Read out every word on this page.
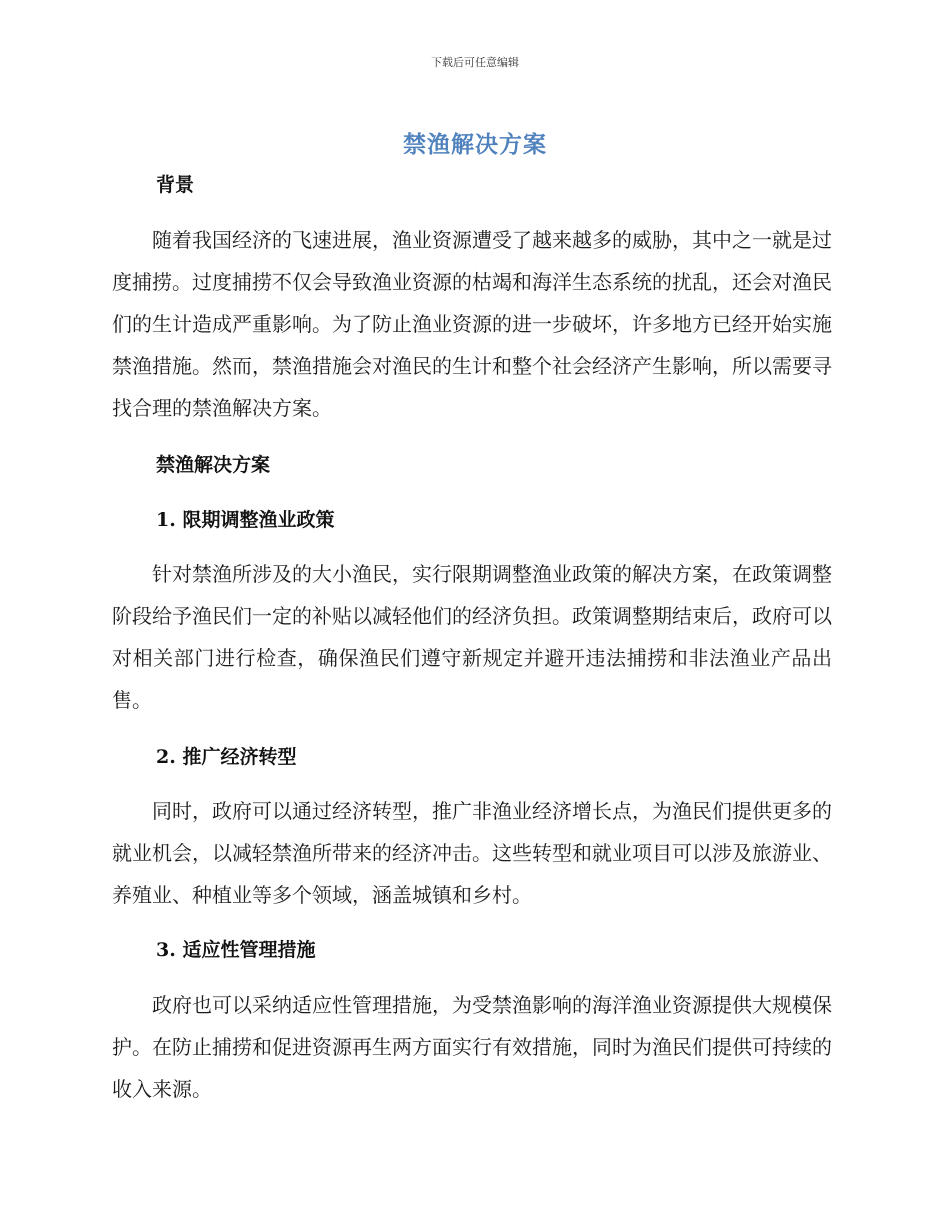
下载后可任意编辑
禁渔解决方案
背景
随着我国经济的飞速进展，渔业资源遭受了越来越多的威胁，其中之一就是过度捕捞。过度捕捞不仅会导致渔业资源的枯竭和海洋生态系统的扰乱，还会对渔民们的生计造成严重影响。为了防止渔业资源的进一步破坏，许多地方已经开始实施禁渔措施。然而，禁渔措施会对渔民的生计和整个社会经济产生影响，所以需要寻找合理的禁渔解决方案。
禁渔解决方案
1. 限期调整渔业政策
针对禁渔所涉及的大小渔民，实行限期调整渔业政策的解决方案，在政策调整阶段给予渔民们一定的补贴以减轻他们的经济负担。政策调整期结束后，政府可以对相关部门进行检查，确保渔民们遵守新规定并避开违法捕捞和非法渔业产品出售。
2. 推广经济转型
同时，政府可以通过经济转型，推广非渔业经济增长点，为渔民们提供更多的就业机会，以减轻禁渔所带来的经济冲击。这些转型和就业项目可以涉及旅游业、养殖业、种植业等多个领域，涵盖城镇和乡村。
3. 适应性管理措施
政府也可以采纳适应性管理措施，为受禁渔影响的海洋渔业资源提供大规模保护。在防止捕捞和促进资源再生两方面实行有效措施，同时为渔民们提供可持续的收入来源。
